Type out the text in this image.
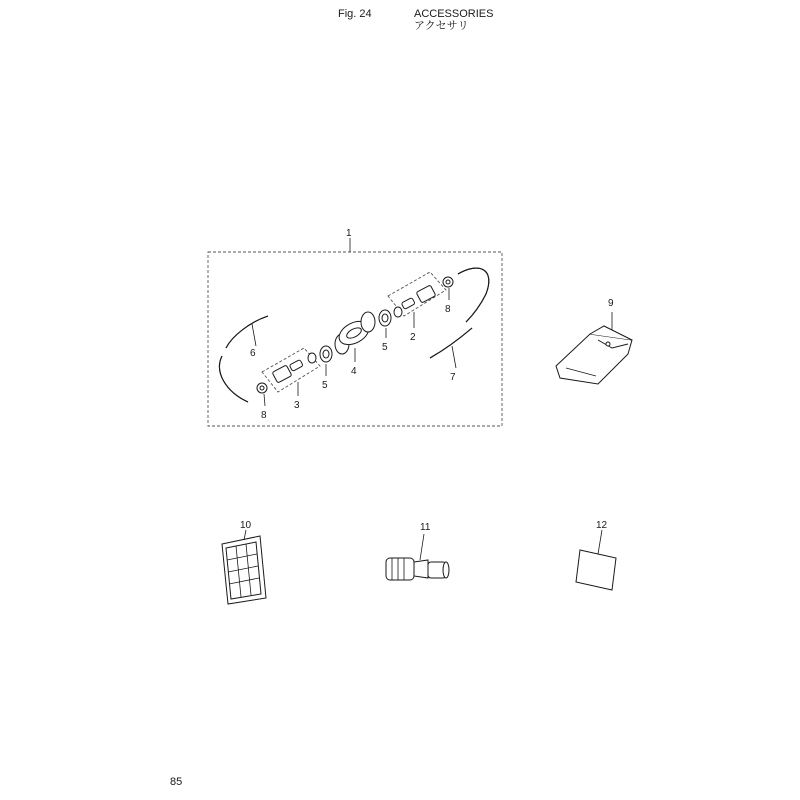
Fig. 24	ACCESSORIES
アクセサリ
1
6
8
3
5
4
5
2
8
7
9
10	11	12
85
